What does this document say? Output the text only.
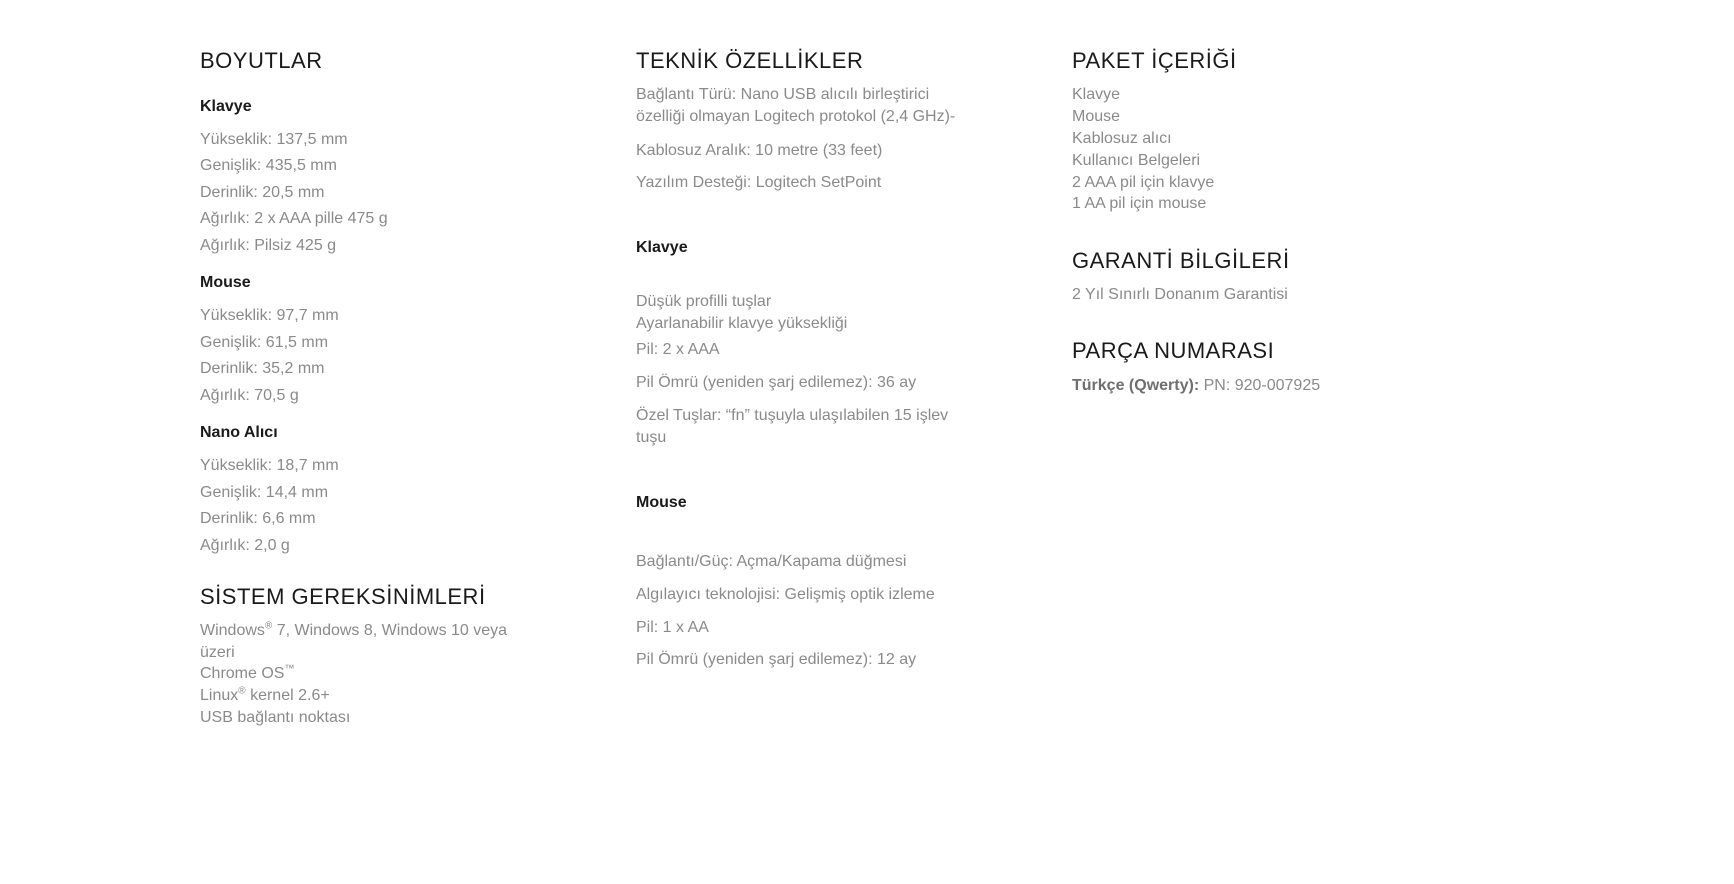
BOYUTLAR
Klavye

Yükseklik: 137,5 mm

Genişlik: 435,5 mm

Derinlik: 20,5 mm

Ağırlık: 2 x AAA pille 475 g

Ağırlık: Pilsiz 425 g

Mouse

Yükseklik: 97,7 mm

Genişlik: 61,5 mm

Derinlik: 35,2 mm

Ağırlık: 70,5 g

Nano Alıcı

Yükseklik: 18,7 mm

Genişlik: 14,4 mm

Derinlik: 6,6 mm

Ağırlık: 2,0 g

SİSTEM GEREKSİNİMLERİ

Windows® 7, Windows 8, Windows 10 veya üzeri

Chrome OS™

Linux® kernel 2.6+

USB bağlantı noktası

TEKNİK ÖZELLİKLER

Bağlantı Türü: Nano USB alıcılı birleştirici özelliği olmayan Logitech protokol (2,4 GHz)-

Kablosuz Aralık: 10 metre (33 feet)

Yazılım Desteği: Logitech SetPoint

Klavye

Düşük profilli tuşlar

Ayarlanabilir klavye yüksekliği

Pil: 2 x AAA

Pil Ömrü (yeniden şarj edilemez): 36 ay

Özel Tuşlar: “fn” tuşuyla ulaşılabilen 15 işlev tuşu

Mouse

Bağlantı/Güç: Açma/Kapama düğmesi

Algılayıcı teknolojisi: Gelişmiş optik izleme

Pil: 1 x AA

Pil Ömrü (yeniden şarj edilemez): 12 ay

PAKET İÇERİĞİ

Klavye

Mouse

Kablosuz alıcı

Kullanıcı Belgeleri

2 AAA pil için klavye

1 AA pil için mouse

GARANTİ BİLGİLERİ

2 Yıl Sınırlı Donanım Garantisi

PARÇA NUMARASI

Türkçe (Qwerty): PN: 920-007925
